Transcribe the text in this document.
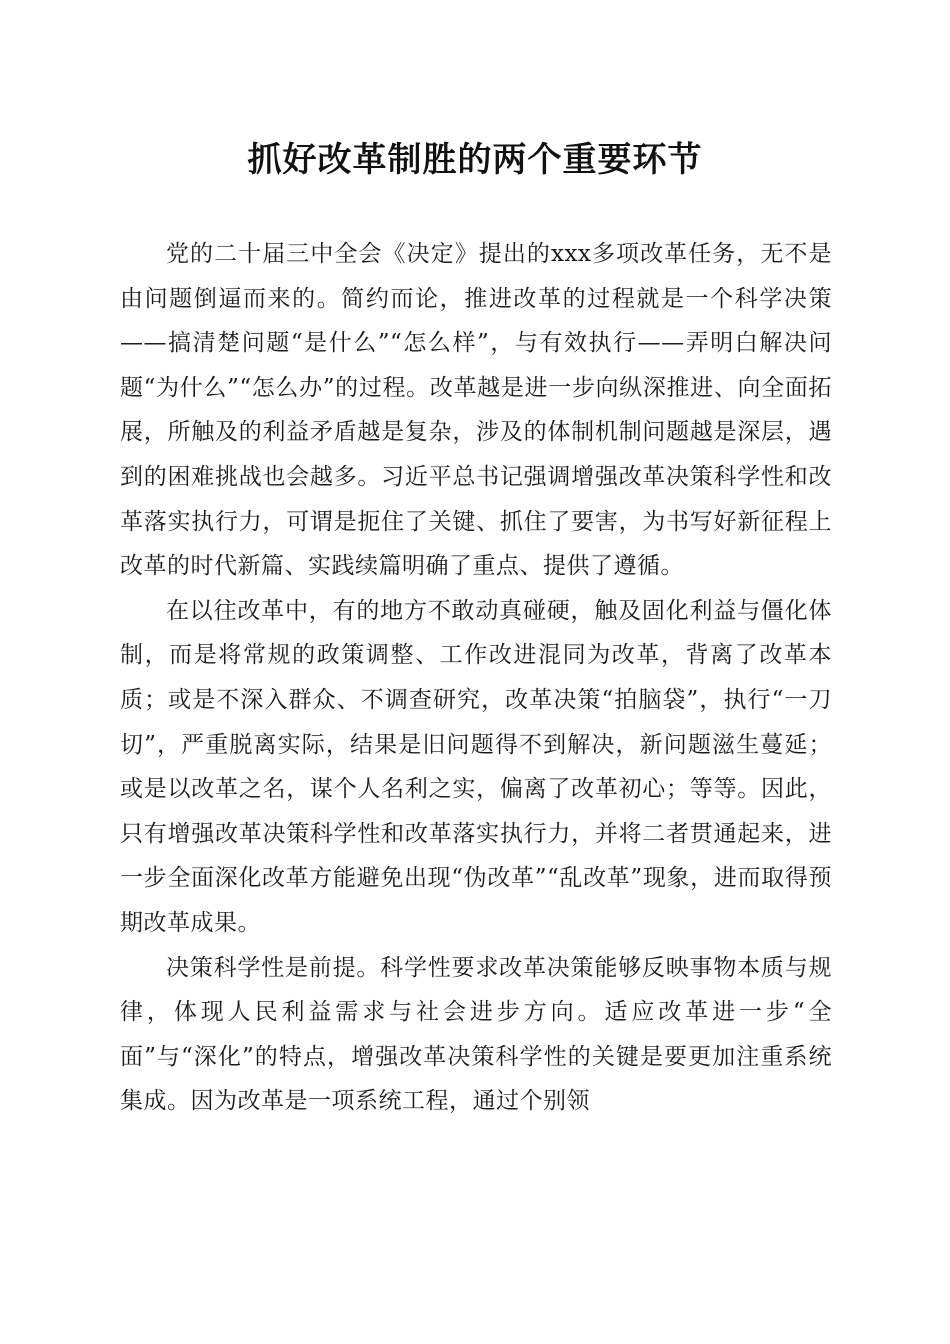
抓好改革制胜的两个重要环节

党的二十届三中全会《决定》提出的xxx多项改革任务，无不是由问题倒逼而来的。简约而论，推进改革的过程就是一个科学决策——搞清楚问题“是什么”“怎么样”，与有效执行——弄明白解决问题“为什么”“怎么办”的过程。改革越是进一步向纵深推进、向全面拓展，所触及的利益矛盾越是复杂，涉及的体制机制问题越是深层，遇到的困难挑战也会越多。习近平总书记强调增强改革决策科学性和改革落实执行力，可谓是扼住了关键、抓住了要害，为书写好新征程上改革的时代新篇、实践续篇明确了重点、提供了遵循。

在以往改革中，有的地方不敢动真碰硬，触及固化利益与僵化体制，而是将常规的政策调整、工作改进混同为改革，背离了改革本质；或是不深入群众、不调查研究，改革决策“拍脑袋”，执行“一刀切”，严重脱离实际，结果是旧问题得不到解决，新问题滋生蔓延；或是以改革之名，谋个人名利之实，偏离了改革初心；等等。因此，只有增强改革决策科学性和改革落实执行力，并将二者贯通起来，进一步全面深化改革方能避免出现“伪改革”“乱改革”现象，进而取得预期改革成果。

决策科学性是前提。科学性要求改革决策能够反映事物本质与规律，体现人民利益需求与社会进步方向。适应改革进一步“全面”与“深化”的特点，增强改革决策科学性的关键是要更加注重系统集成。因为改革是一项系统工程，通过个别领
